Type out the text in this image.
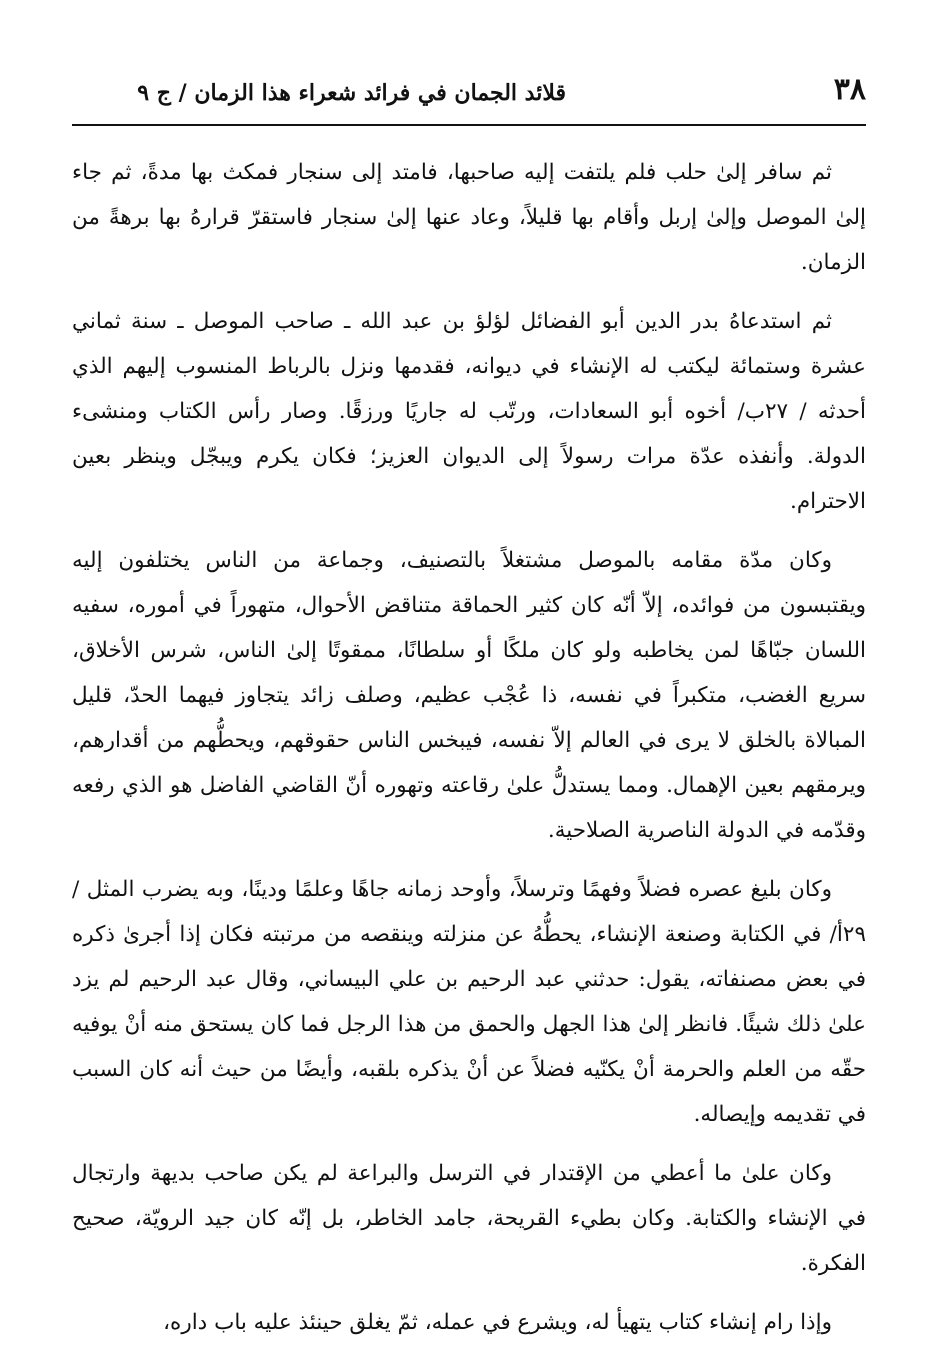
٣٨
قلائد الجمان في فرائد شعراء هذا الزمان / ج ٩

ثم سافر إلىٰ حلب فلم يلتفت إليه صاحبها، فامتد إلى سنجار فمكث بها مدةً، ثم جاء إلىٰ الموصل وإلىٰ إربل وأقام بها قليلاً، وعاد عنها إلىٰ سنجار فاستقرّ قرارهُ بها برهةً من الزمان.

ثم استدعاهُ بدر الدين أبو الفضائل لؤلؤ بن عبد الله ـ صاحب الموصل ـ سنة ثماني عشرة وستمائة ليكتب له الإنشاء في ديوانه، فقدمها ونزل بالرباط المنسوب إليهم الذي أحدثه / ٢٧ب/ أخوه أبو السعادات، ورتّب له جاريًا ورزقًا. وصار رأس الكتاب ومنشىء الدولة. وأنفذه عدّة مرات رسولاً إلى الديوان العزيز؛ فكان يكرم ويبجّل وينظر بعين الاحترام.

وكان مدّة مقامه بالموصل مشتغلاً بالتصنيف، وجماعة من الناس يختلفون إليه ويقتبسون من فوائده، إلاّ أنّه كان كثير الحماقة متناقض الأحوال، متهوراً في أموره، سفيه اللسان جبّاهًا لمن يخاطبه ولو كان ملكًا أو سلطانًا، ممقوتًا إلىٰ الناس، شرس الأخلاق، سريع الغضب، متكبراً في نفسه، ذا عُجْب عظيم، وصلف زائد يتجاوز فيهما الحدّ، قليل المبالاة بالخلق لا يرى في العالم إلاّ نفسه، فيبخس الناس حقوقهم، ويحطُّهم من أقدارهم، ويرمقهم بعين الإهمال. ومما يستدلُّ علىٰ رقاعته وتهوره أنّ القاضي الفاضل هو الذي رفعه وقدّمه في الدولة الناصرية الصلاحية.

وكان بليغ عصره فضلاً وفهمًا وترسلاً، وأوحد زمانه جاهًا وعلمًا ودينًا، وبه يضرب المثل / ٢٩أ/ في الكتابة وصنعة الإنشاء، يحطُّهُ عن منزلته وينقصه من مرتبته فكان إذا أجرىٰ ذكره في بعض مصنفاته، يقول: حدثني عبد الرحيم بن علي البيساني، وقال عبد الرحيم لم يزد علىٰ ذلك شيئًا. فانظر إلىٰ هذا الجهل والحمق من هذا الرجل فما كان يستحق منه أنْ يوفيه حقّه من العلم والحرمة أنْ يكنّيه فضلاً عن أنْ يذكره بلقبه، وأيضًا من حيث أنه كان السبب في تقديمه وإيصاله.

وكان علىٰ ما أعطي من الإقتدار في الترسل والبراعة لم يكن صاحب بديهة وارتجال في الإنشاء والكتابة. وكان بطيء القريحة، جامد الخاطر، بل إنّه كان جيد الرويّة، صحيح الفكرة.

وإذا رام إنشاء كتاب يتهيأ له، ويشرع في عمله، ثمّ يغلق حينئذ عليه باب داره،
